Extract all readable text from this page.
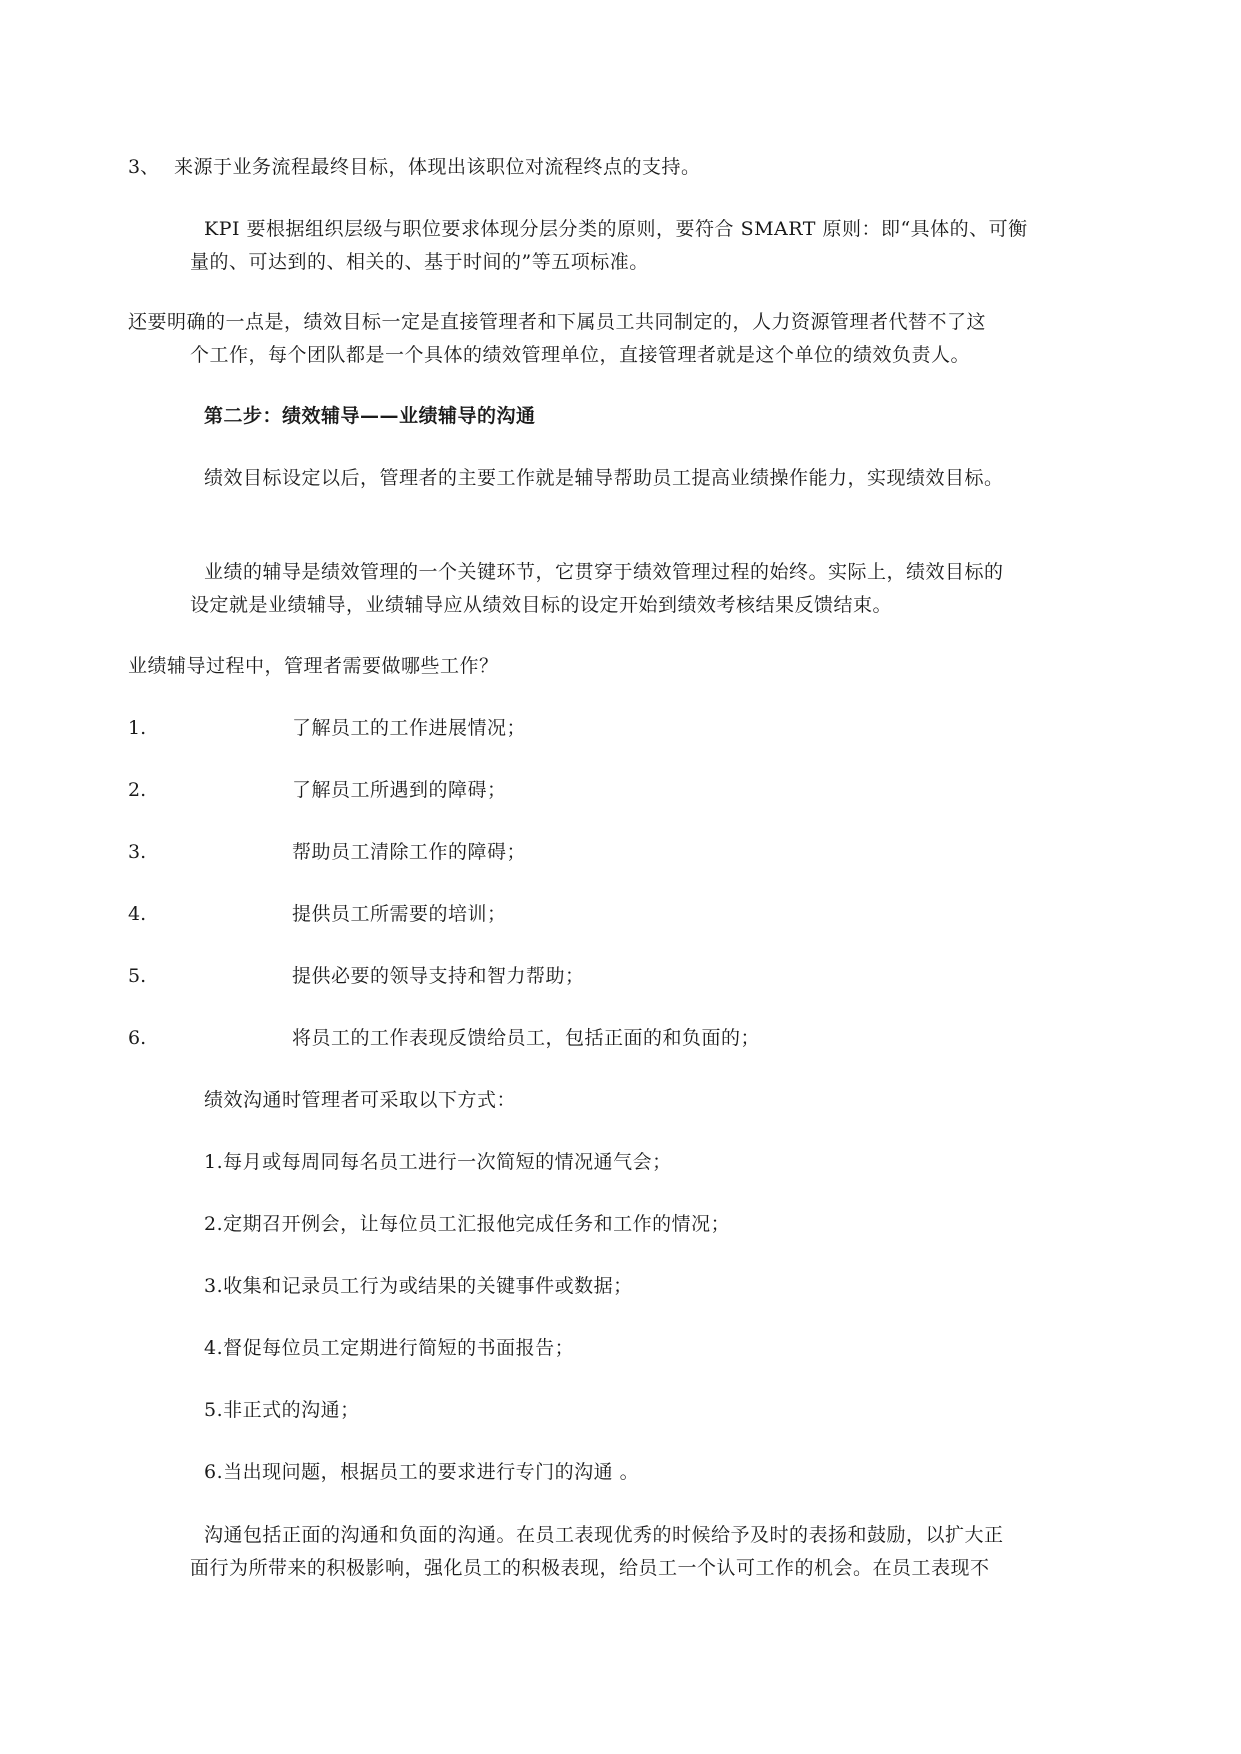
3、 来源于业务流程最终目标，体现出该职位对流程终点的支持。
KPI 要根据组织层级与职位要求体现分层分类的原则，要符合 SMART 原则：即“具体的、可衡
量的、可达到的、相关的、基于时间的”等五项标准。
还要明确的一点是，绩效目标一定是直接管理者和下属员工共同制定的，人力资源管理者代替不了这
个工作，每个团队都是一个具体的绩效管理单位，直接管理者就是这个单位的绩效负责人。
第二步：绩效辅导——业绩辅导的沟通
绩效目标设定以后，管理者的主要工作就是辅导帮助员工提高业绩操作能力，实现绩效目标。
业绩的辅导是绩效管理的一个关键环节，它贯穿于绩效管理过程的始终。实际上，绩效目标的
设定就是业绩辅导，业绩辅导应从绩效目标的设定开始到绩效考核结果反馈结束。
业绩辅导过程中，管理者需要做哪些工作？
1.	了解员工的工作进展情况；
2.	了解员工所遇到的障碍；
3.	帮助员工清除工作的障碍；
4.	提供员工所需要的培训；
5.	提供必要的领导支持和智力帮助；
6.	将员工的工作表现反馈给员工，包括正面的和负面的；
绩效沟通时管理者可采取以下方式：
1.每月或每周同每名员工进行一次简短的情况通气会；
2.定期召开例会，让每位员工汇报他完成任务和工作的情况；
3.收集和记录员工行为或结果的关键事件或数据；
4.督促每位员工定期进行简短的书面报告；
5.非正式的沟通；
6.当出现问题，根据员工的要求进行专门的沟通 。
沟通包括正面的沟通和负面的沟通。在员工表现优秀的时候给予及时的表扬和鼓励，以扩大正
面行为所带来的积极影响，强化员工的积极表现，给员工一个认可工作的机会。在员工表现不
